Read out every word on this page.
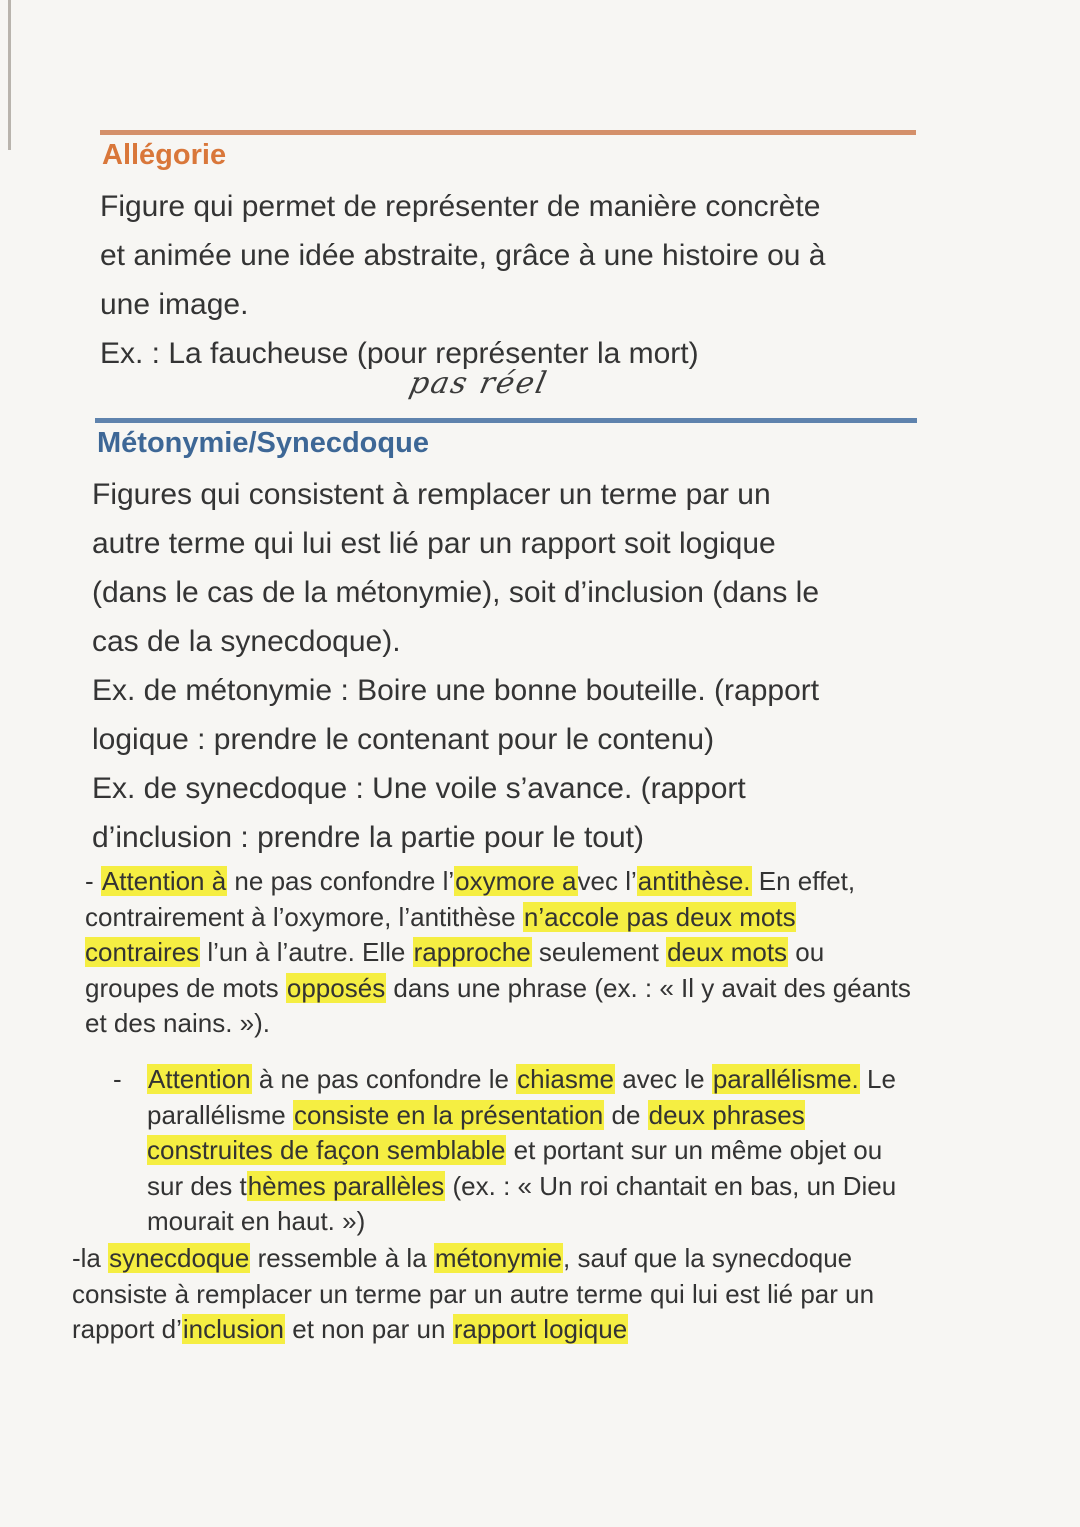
Allégorie

Figure qui permet de représenter de manière concrète
et animée une idée abstraite, grâce à une histoire ou à
une image.
Ex. : La faucheuse (pour représenter la mort)

pas réel
Métonymie/Synecdoque

Figures qui consistent à remplacer un terme par un
autre terme qui lui est lié par un rapport soit logique
(dans le cas de la métonymie), soit d’inclusion (dans le
cas de la synecdoque).
Ex. de métonymie : Boire une bonne bouteille. (rapport
logique : prendre le contenant pour le contenu)
Ex. de synecdoque : Une voile s’avance. (rapport
d’inclusion : prendre la partie pour le tout)

- Attention à ne pas confondre l’oxymore avec l’antithèse. En effet, contrairement à l’oxymore, l’antithèse n’accole pas deux mots contraires l’un à l’autre. Elle rapproche seulement deux mots ou groupes de mots opposés dans une phrase (ex. : « Il y avait des géants et des nains. »).

- Attention à ne pas confondre le chiasme avec le parallélisme. Le parallélisme consiste en la présentation de deux phrases construites de façon semblable et portant sur un même objet ou sur des thèmes parallèles (ex. : « Un roi chantait en bas, un Dieu mourait en haut. »)

-la synecdoque ressemble à la métonymie, sauf que la synecdoque consiste à remplacer un terme par un autre terme qui lui est lié par un rapport d’inclusion et non par un rapport logique
